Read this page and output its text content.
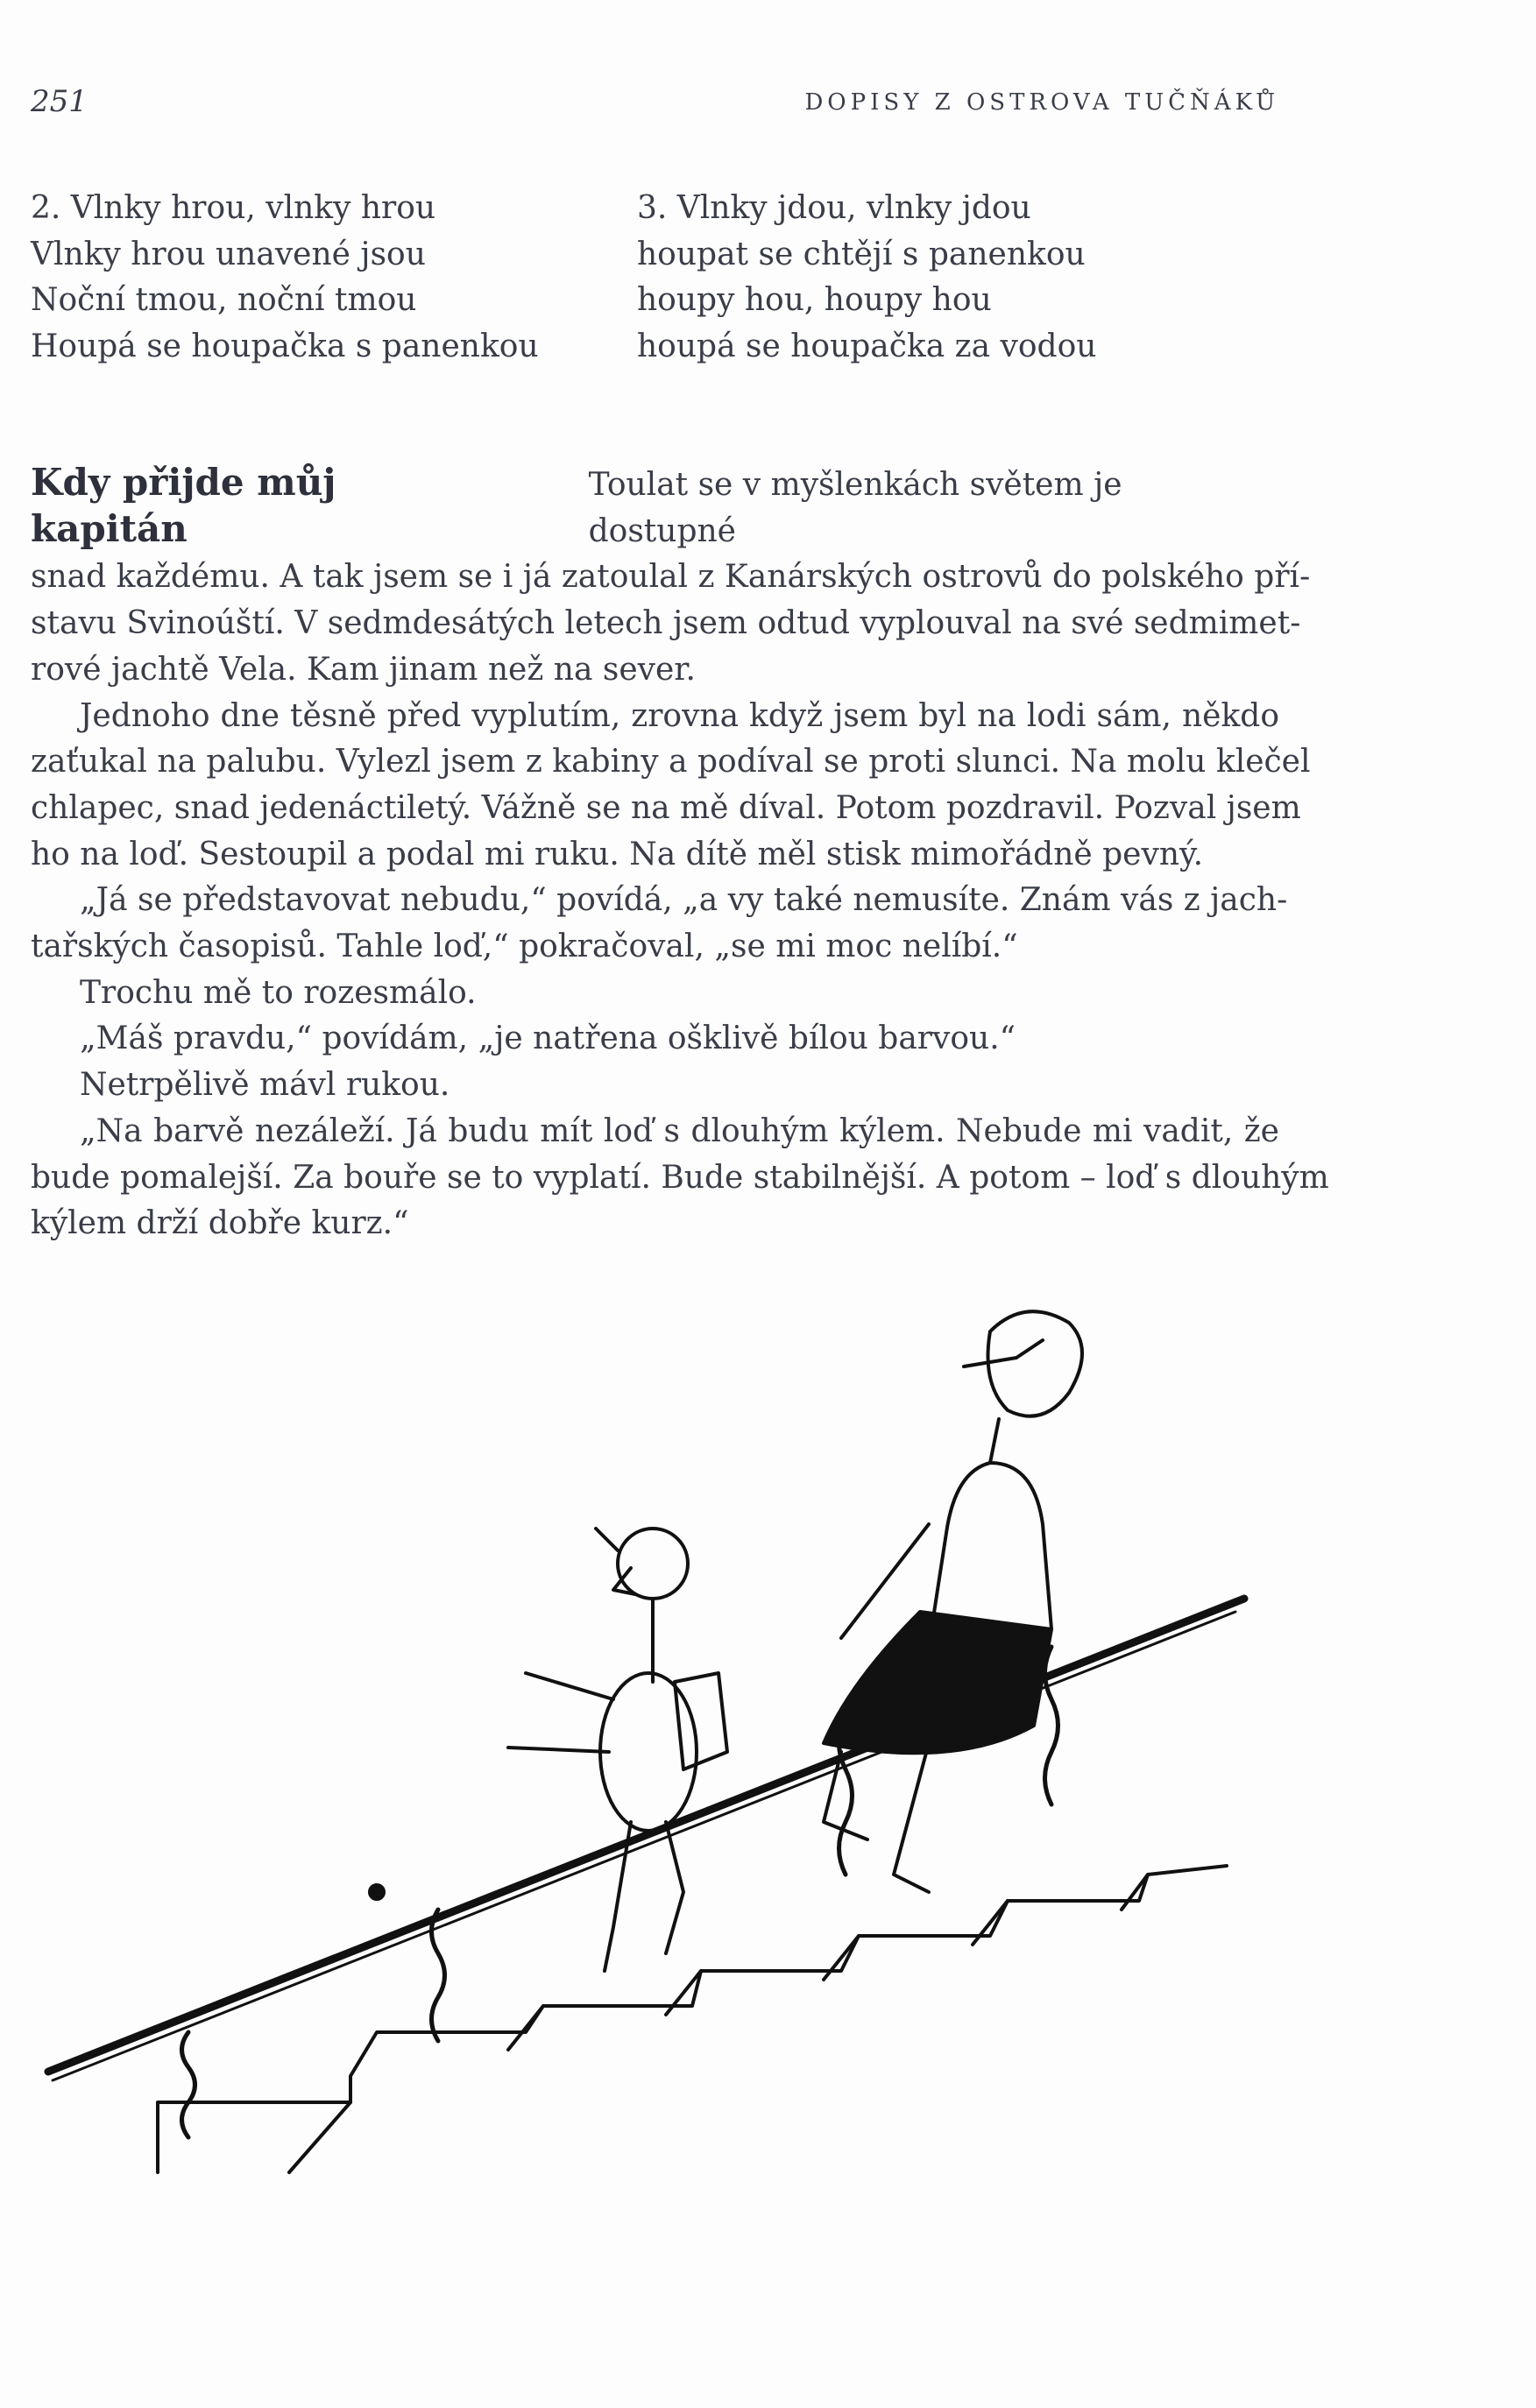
251	DOPISY Z OSTROVA TUČŇÁKŮ
2. Vlnky hrou, vlnky hrou
Vlnky hrou unavené jsou
Noční tmou, noční tmou
Houpá se houpačka s panenkou
3. Vlnky jdou, vlnky jdou
houpat se chtějí s panenkou
houpy hou, houpy hou
houpá se houpačka za vodou
Kdy přijde můj kapitán
Toulat se v myšlenkách světem je dostupné
snad každému. A tak jsem se i já zatoulal z Kanárských ostrovů do polského pří-
stavu Svinoúští. V sedmdesátých letech jsem odtud vyplouval na své sedmimet-
rové jachtě Vela. Kam jinam než na sever.
Jednoho dne těsně před vyplutím, zrovna když jsem byl na lodi sám, někdo
zaťukal na palubu. Vylezl jsem z kabiny a podíval se proti slunci. Na molu klečel
chlapec, snad jedenáctiletý. Vážně se na mě díval. Potom pozdravil. Pozval jsem
ho na loď. Sestoupil a podal mi ruku. Na dítě měl stisk mimořádně pevný.
„Já se představovat nebudu,“ povídá, „a vy také nemusíte. Znám vás z jach-
tařských časopisů. Tahle loď,“ pokračoval, „se mi moc nelíbí.“
Trochu mě to rozesmálo.
„Máš pravdu,“ povídám, „je natřena ošklivě bílou barvou.“
Netrpělivě mávl rukou.
„Na barvě nezáleží. Já budu mít loď s dlouhým kýlem. Nebude mi vadit, že
bude pomalejší. Za bouře se to vyplatí. Bude stabilnější. A potom – loď s dlouhým
kýlem drží dobře kurz.“
